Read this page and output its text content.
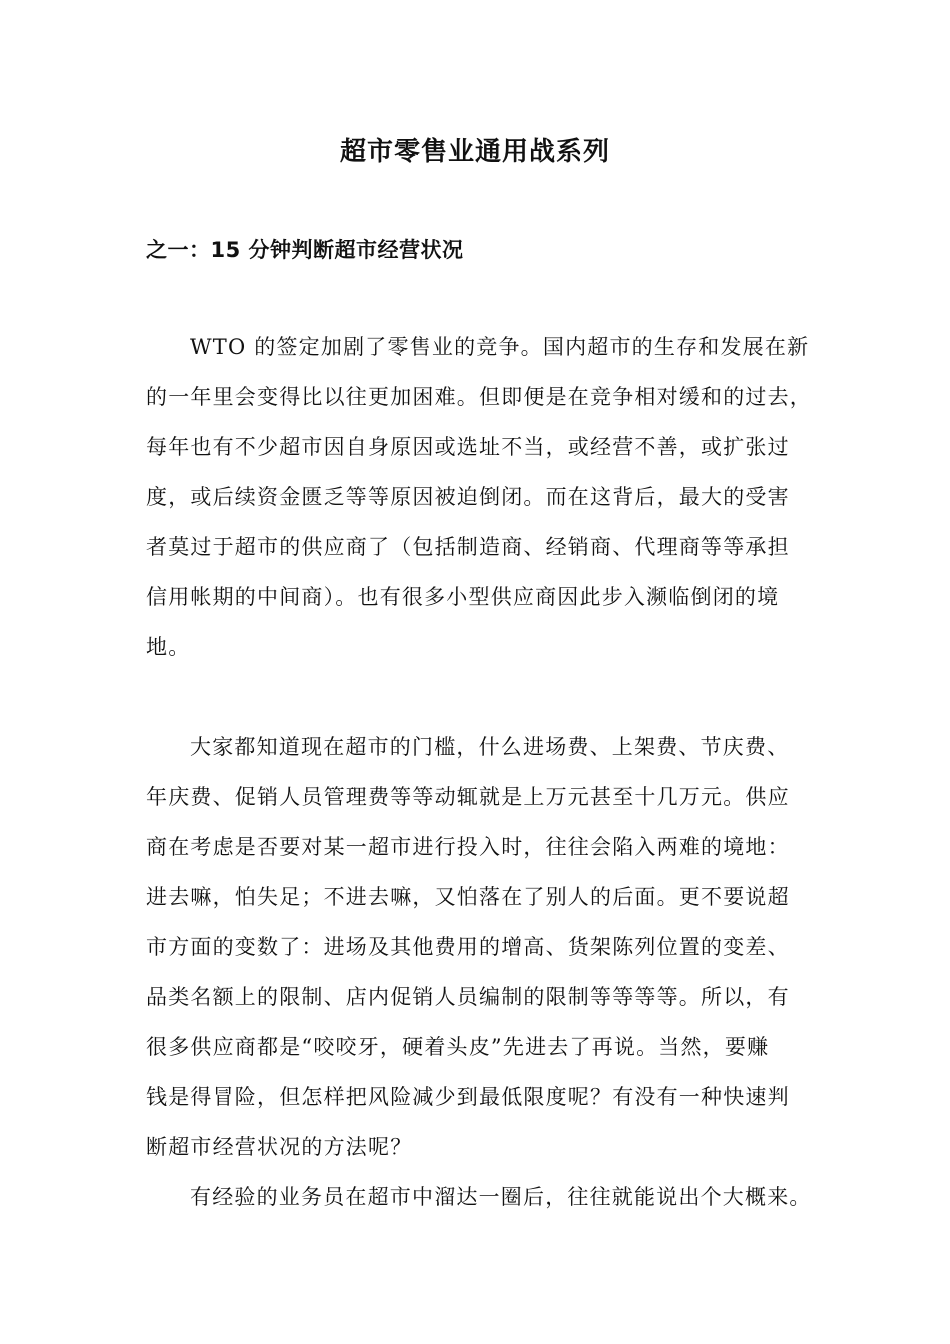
超市零售业通用战系列
之一：15 分钟判断超市经营状况
WTO 的签定加剧了零售业的竞争。国内超市的生存和发展在新
的一年里会变得比以往更加困难。但即便是在竞争相对缓和的过去，
每年也有不少超市因自身原因或选址不当，或经营不善，或扩张过
度，或后续资金匮乏等等原因被迫倒闭。而在这背后，最大的受害
者莫过于超市的供应商了（包括制造商、经销商、代理商等等承担
信用帐期的中间商）。也有很多小型供应商因此步入濒临倒闭的境
地。
大家都知道现在超市的门槛，什么进场费、上架费、节庆费、
年庆费、促销人员管理费等等动辄就是上万元甚至十几万元。供应
商在考虑是否要对某一超市进行投入时，往往会陷入两难的境地：
进去嘛，怕失足；不进去嘛，又怕落在了别人的后面。更不要说超
市方面的变数了：进场及其他费用的增高、货架陈列位置的变差、
品类名额上的限制、店内促销人员编制的限制等等等等。所以，有
很多供应商都是“咬咬牙，硬着头皮”先进去了再说。当然，要赚
钱是得冒险，但怎样把风险减少到最低限度呢？有没有一种快速判
断超市经营状况的方法呢？
有经验的业务员在超市中溜达一圈后，往往就能说出个大概来。
